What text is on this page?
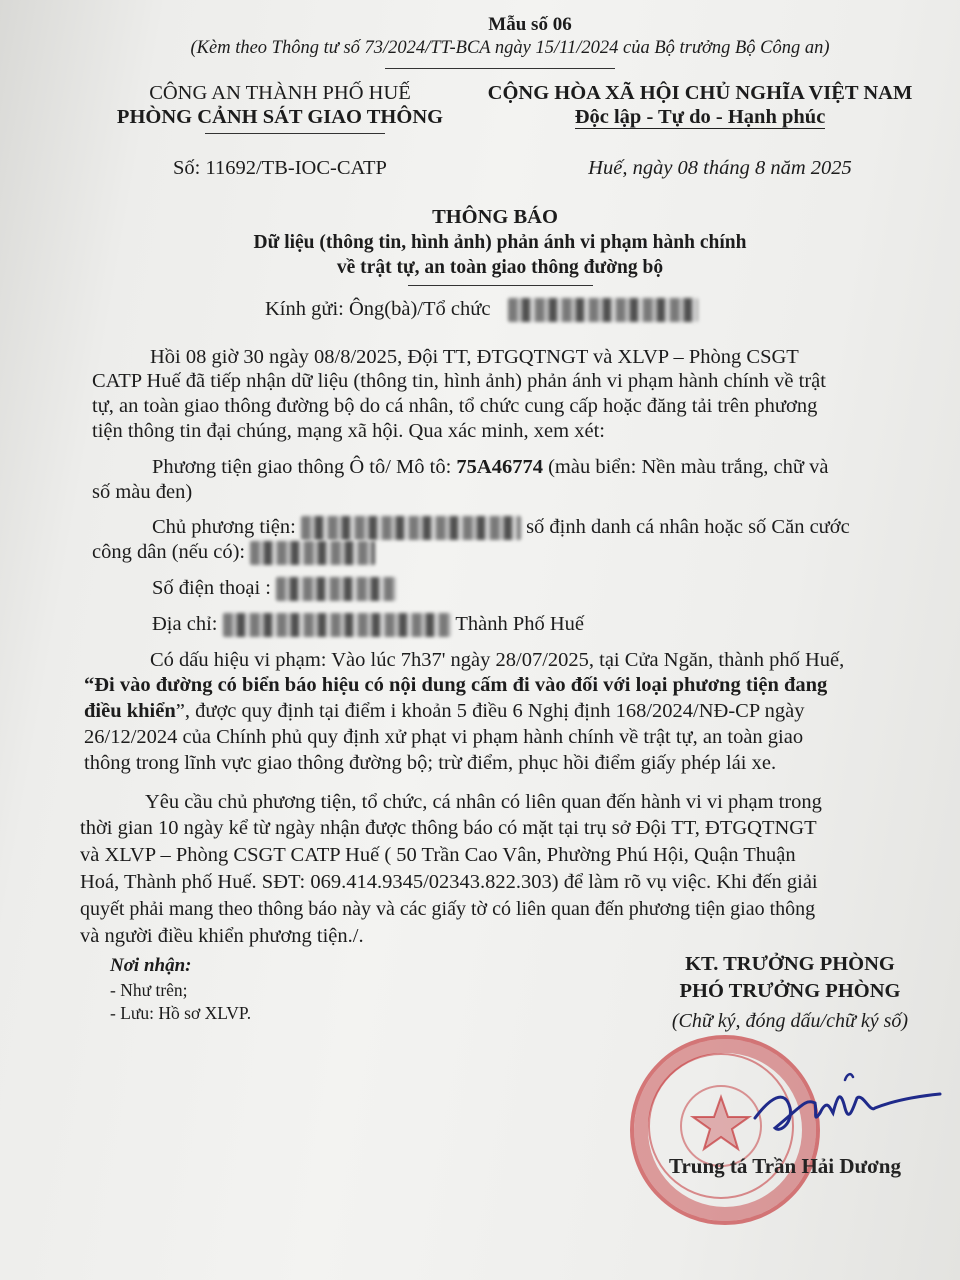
Mẫu số 06
(Kèm theo Thông tư số 73/2024/TT-BCA ngày 15/11/2024 của Bộ trưởng Bộ Công an)
CÔNG AN THÀNH PHỐ HUẾ
PHÒNG CẢNH SÁT GIAO THÔNG
Số: 11692/TB-IOC-CATP
CỘNG HÒA XÃ HỘI CHỦ NGHĨA VIỆT NAM
Độc lập - Tự do - Hạnh phúc
Huế, ngày 08 tháng 8 năm 2025
THÔNG BÁO
Dữ liệu (thông tin, hình ảnh) phản ánh vi phạm hành chính
về trật tự, an toàn giao thông đường bộ
Kính gửi: Ông(bà)/Tổ chức
Hồi 08 giờ 30 ngày 08/8/2025, Đội TT, ĐTGQTNGT và XLVP – Phòng CSGT
CATP Huế đã tiếp nhận dữ liệu (thông tin, hình ảnh) phản ánh vi phạm hành chính về trật
tự, an toàn giao thông đường bộ do cá nhân, tổ chức cung cấp hoặc đăng tải trên phương
tiện thông tin đại chúng, mạng xã hội. Qua xác minh, xem xét:
Phương tiện giao thông Ô tô/ Mô tô: 75A46774 (màu biển: Nền màu trắng, chữ và
số màu đen)
Chủ phương tiện:	số định danh cá nhân hoặc số Căn cước
công dân (nếu có):
Số điện thoại :
Địa chỉ:	Thành Phố Huế
Có dấu hiệu vi phạm: Vào lúc 7h37' ngày 28/07/2025, tại Cửa Ngăn, thành phố Huế,
“Đi vào đường có biển báo hiệu có nội dung cấm đi vào đối với loại phương tiện đang
điều khiển”, được quy định tại điểm i khoản 5 điều 6 Nghị định 168/2024/NĐ-CP ngày
26/12/2024 của Chính phủ quy định xử phạt vi phạm hành chính về trật tự, an toàn giao
thông trong lĩnh vực giao thông đường bộ; trừ điểm, phục hồi điểm giấy phép lái xe.
Yêu cầu chủ phương tiện, tổ chức, cá nhân có liên quan đến hành vi vi phạm trong
thời gian 10 ngày kể từ ngày nhận được thông báo có mặt tại trụ sở Đội TT, ĐTGQTNGT
và XLVP – Phòng CSGT CATP Huế ( 50 Trần Cao Vân, Phường Phú Hội, Quận Thuận
Hoá, Thành phố Huế. SĐT: 069.414.9345/02343.822.303) để làm rõ vụ việc. Khi đến giải
quyết phải mang theo thông báo này và các giấy tờ có liên quan đến phương tiện giao thông
và người điều khiển phương tiện./.
Nơi nhận:
- Như trên;
- Lưu: Hồ sơ XLVP.
KT. TRƯỞNG PHÒNG
PHÓ TRƯỞNG PHÒNG
(Chữ ký, đóng dấu/chữ ký số)
Trung tá Trần Hải Dương
